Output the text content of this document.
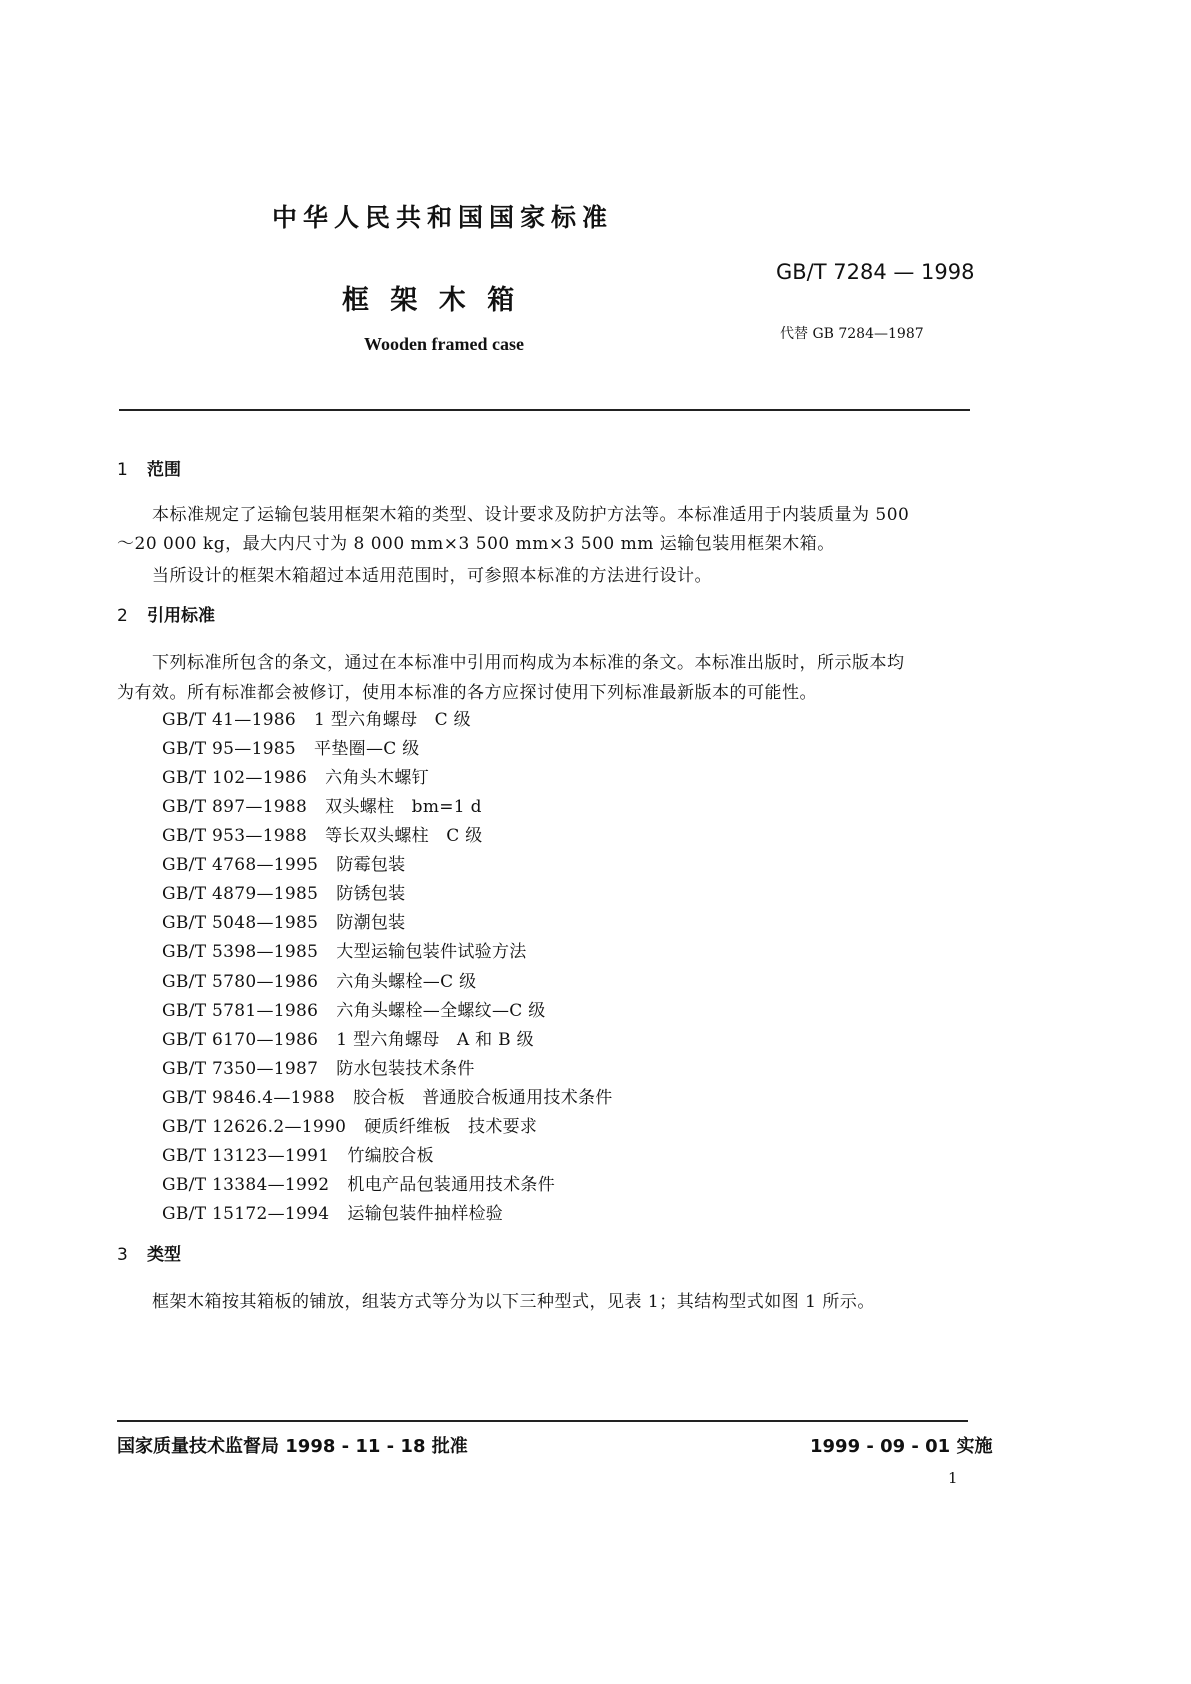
中华人民共和国国家标准
框 架 木 箱
Wooden framed case
GB/T 7284 — 1998
代替 GB 7284—1987
1 范围
本标准规定了运输包装用框架木箱的类型、设计要求及防护方法等。本标准适用于内装质量为 500
～20 000 kg，最大内尺寸为 8 000 mm×3 500 mm×3 500 mm 运输包装用框架木箱。
当所设计的框架木箱超过本适用范围时，可参照本标准的方法进行设计。
2 引用标准
下列标准所包含的条文，通过在本标准中引用而构成为本标准的条文。本标准出版时，所示版本均
为有效。所有标准都会被修订，使用本标准的各方应探讨使用下列标准最新版本的可能性。
GB/T 41—1986 1 型六角螺母　C 级
GB/T 95—1985 平垫圈—C 级
GB/T 102—1986 六角头木螺钉
GB/T 897—1988 双头螺柱　bm=1 d
GB/T 953—1988 等长双头螺柱　C 级
GB/T 4768—1995 防霉包装
GB/T 4879—1985 防锈包装
GB/T 5048—1985 防潮包装
GB/T 5398—1985 大型运输包装件试验方法
GB/T 5780—1986 六角头螺栓—C 级
GB/T 5781—1986 六角头螺栓—全螺纹—C 级
GB/T 6170—1986 1 型六角螺母　A 和 B 级
GB/T 7350—1987 防水包装技术条件
GB/T 9846.4—1988 胶合板　普通胶合板通用技术条件
GB/T 12626.2—1990 硬质纤维板　技术要求
GB/T 13123—1991 竹编胶合板
GB/T 13384—1992 机电产品包装通用技术条件
GB/T 15172—1994 运输包装件抽样检验
3 类型
框架木箱按其箱板的铺放，组装方式等分为以下三种型式，见表 1；其结构型式如图 1 所示。
国家质量技术监督局 1998 - 11 - 18 批准	1999 - 09 - 01 实施
1
